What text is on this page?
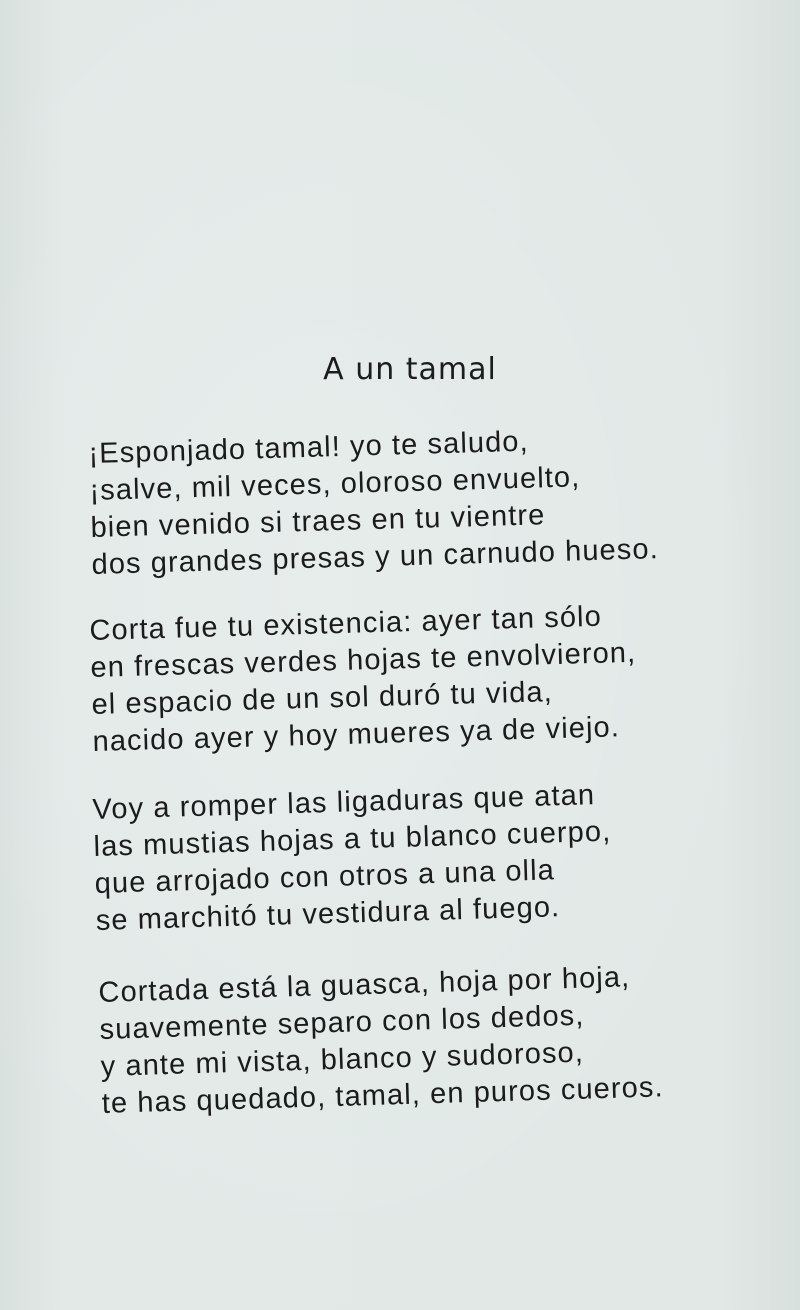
A un tamal
¡Esponjado tamal! yo te saludo,
¡salve, mil veces, oloroso envuelto,
bien venido si traes en tu vientre
dos grandes presas y un carnudo hueso.
Corta fue tu existencia: ayer tan sólo
en frescas verdes hojas te envolvieron,
el espacio de un sol duró tu vida,
nacido ayer y hoy mueres ya de viejo.
Voy a romper las ligaduras que atan
las mustias hojas a tu blanco cuerpo,
que arrojado con otros a una olla
se marchitó tu vestidura al fuego.
Cortada está la guasca, hoja por hoja,
suavemente separo con los dedos,
y ante mi vista, blanco y sudoroso,
te has quedado, tamal, en puros cueros.
